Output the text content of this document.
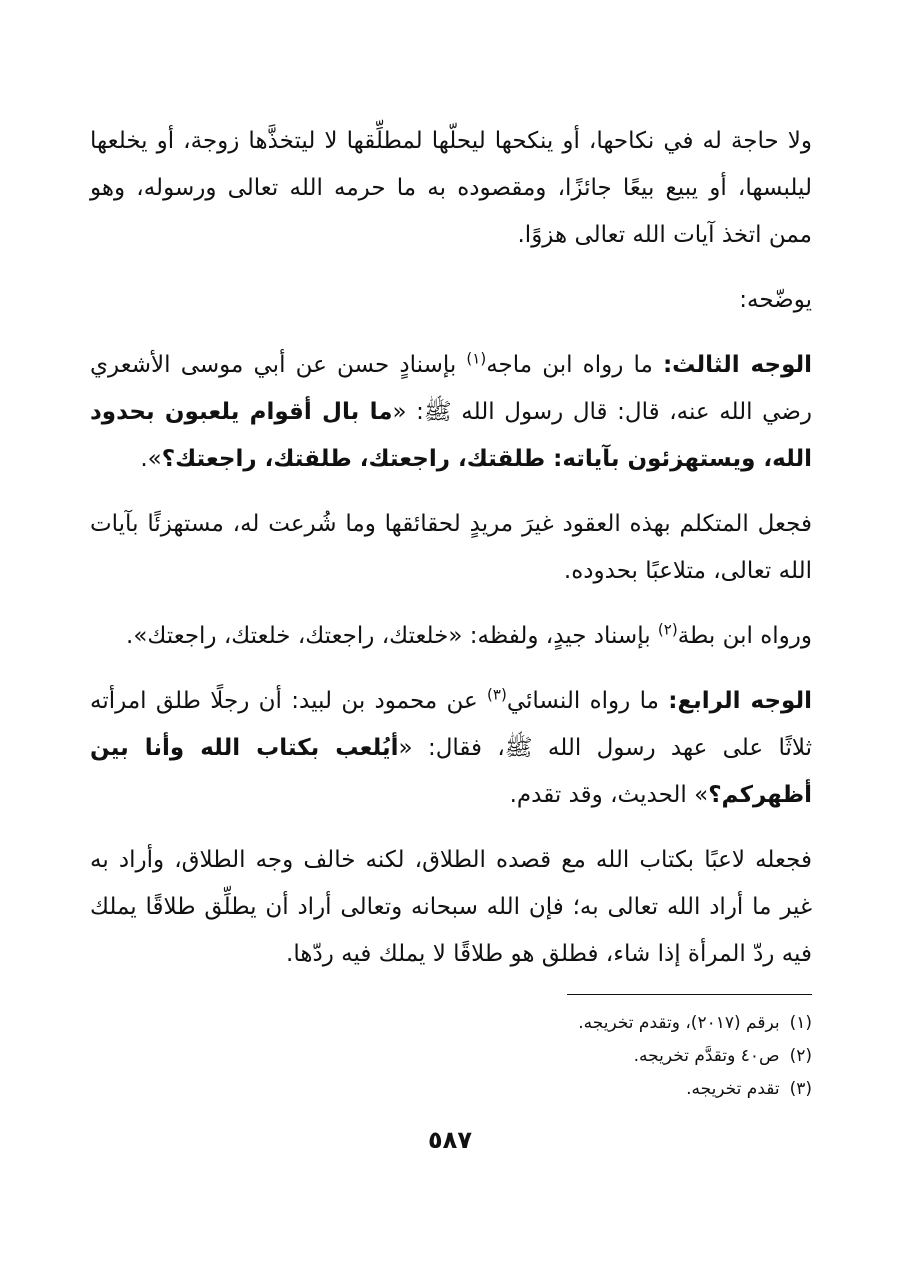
ولا حاجة له في نكاحها، أو ينكحها ليحلّها لمطلِّقها لا ليتخذَّها زوجة، أو يخلعها ليلبسها، أو يبيع بيعًا جائزًا، ومقصوده به ما حرمه الله تعالى ورسوله، وهو ممن اتخذ آيات الله تعالى هزوًا.

يوضّحه:

الوجه الثالث: ما رواه ابن ماجه$^{(١)}$ بإسنادٍ حسن عن أبي موسى الأشعري رضي الله عنه، قال: قال رسول الله ﷺ: «ما بال أقوام يلعبون بحدود الله، ويستهزئون بآياته: طلقتك، راجعتك، طلقتك، راجعتك؟».

فجعل المتكلم بهذه العقود غيرَ مريدٍ لحقائقها وما شُرعت له، مستهزئًا بآيات الله تعالى، متلاعبًا بحدوده.

ورواه ابن بطة$^{(٢)}$ بإسناد جيدٍ، ولفظه: «خلعتك، راجعتك، خلعتك، راجعتك».

الوجه الرابع: ما رواه النسائي$^{(٣)}$ عن محمود بن لبيد: أن رجلًا طلق امرأته ثلاثًا على عهد رسول الله ﷺ، فقال: «أيُلعب بكتاب الله وأنا بين أظهركم؟» الحديث، وقد تقدم.

فجعله لاعبًا بكتاب الله مع قصده الطلاق، لكنه خالف وجه الطلاق، وأراد به غير ما أراد الله تعالى به؛ فإن الله سبحانه وتعالى أراد أن يطلِّق طلاقًا يملك فيه ردّ المرأة إذا شاء، فطلق هو طلاقًا لا يملك فيه ردّها.

(١)برقم (٢٠١٧)، وتقدم تخريجه.
(٢)ص٤٠ وتقدَّم تخريجه.
(٣)تقدم تخريجه.
٥٨٧
